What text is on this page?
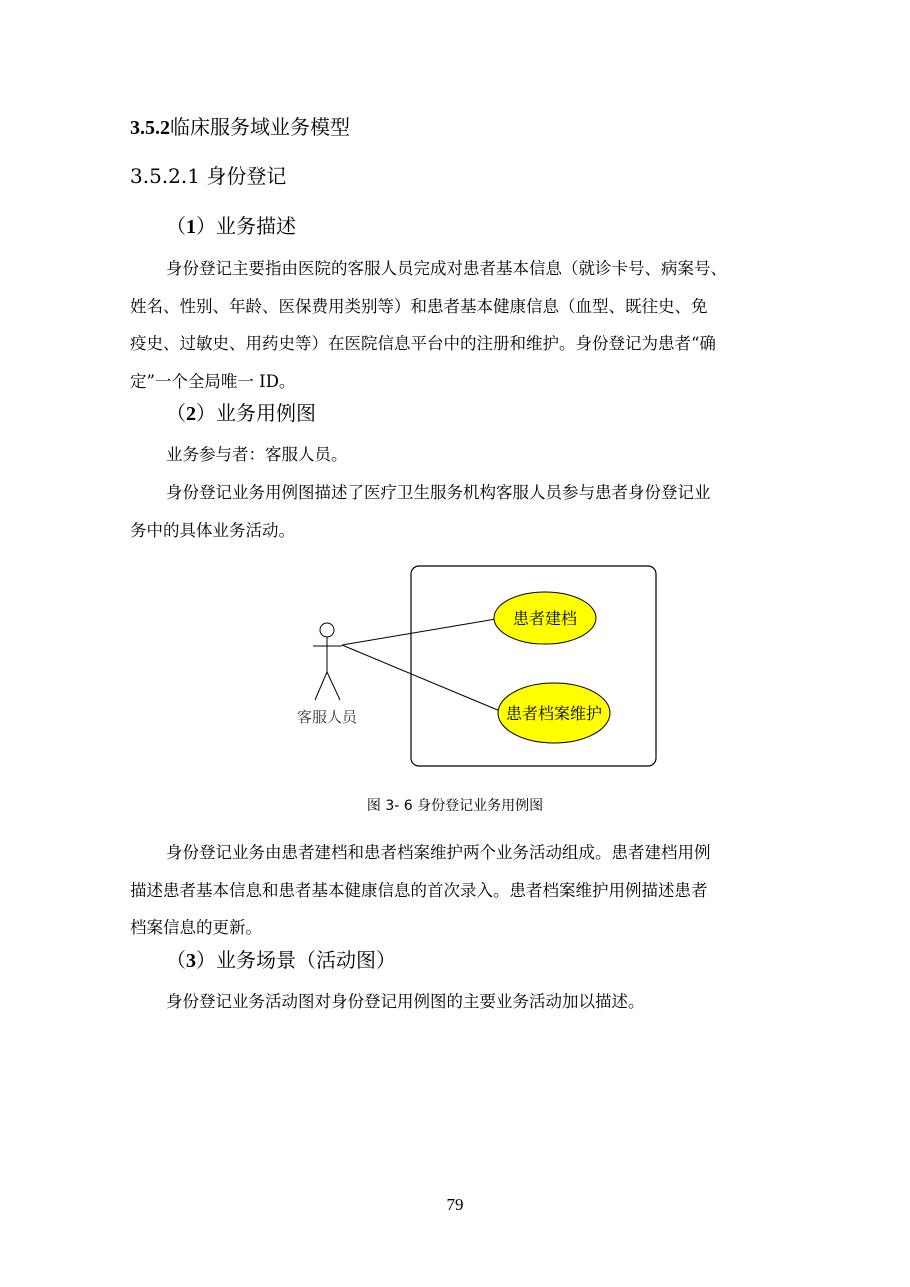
3.5.2临床服务域业务模型
3.5.2.1 身份登记
（1）业务描述
身份登记主要指由医院的客服人员完成对患者基本信息（就诊卡号、病案号、
姓名、性别、年龄、医保费用类别等）和患者基本健康信息（血型、既往史、免
疫史、过敏史、用药史等）在医院信息平台中的注册和维护。身份登记为患者“确
定”一个全局唯一 ID。
（2）业务用例图
业务参与者：客服人员。
身份登记业务用例图描述了医疗卫生服务机构客服人员参与患者身份登记业
务中的具体业务活动。
客服人员
患者建档
患者档案维护
图 3- 6 身份登记业务用例图
身份登记业务由患者建档和患者档案维护两个业务活动组成。患者建档用例
描述患者基本信息和患者基本健康信息的首次录入。患者档案维护用例描述患者
档案信息的更新。
（3）业务场景（活动图）
身份登记业务活动图对身份登记用例图的主要业务活动加以描述。
79
